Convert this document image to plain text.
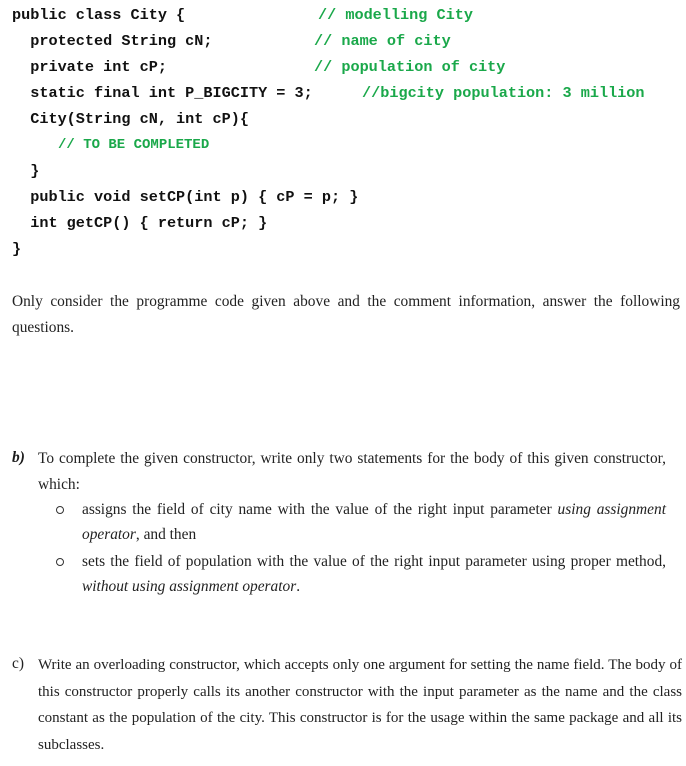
public class City {	// modelling City
protected String cN;	// name of city
private int cP;	// population of city
static final int P_BIGCITY = 3;	//bigcity population: 3 million
City(String cN, int cP){
// TO BE COMPLETED
}
public void setCP(int p) { cP = p; }
int getCP() { return cP; }
}
Only consider the programme code given above and the comment information, answer the following questions.
b) To complete the given constructor, write only two statements for the body of this given constructor, which:
assigns the field of city name with the value of the right input parameter using assignment operator, and then
sets the field of population with the value of the right input parameter using proper method, without using assignment operator.
c) Write an overloading constructor, which accepts only one argument for setting the name field. The body of this constructor properly calls its another constructor with the input parameter as the name and the class constant as the population of the city. This constructor is for the usage within the same package and all its subclasses.
